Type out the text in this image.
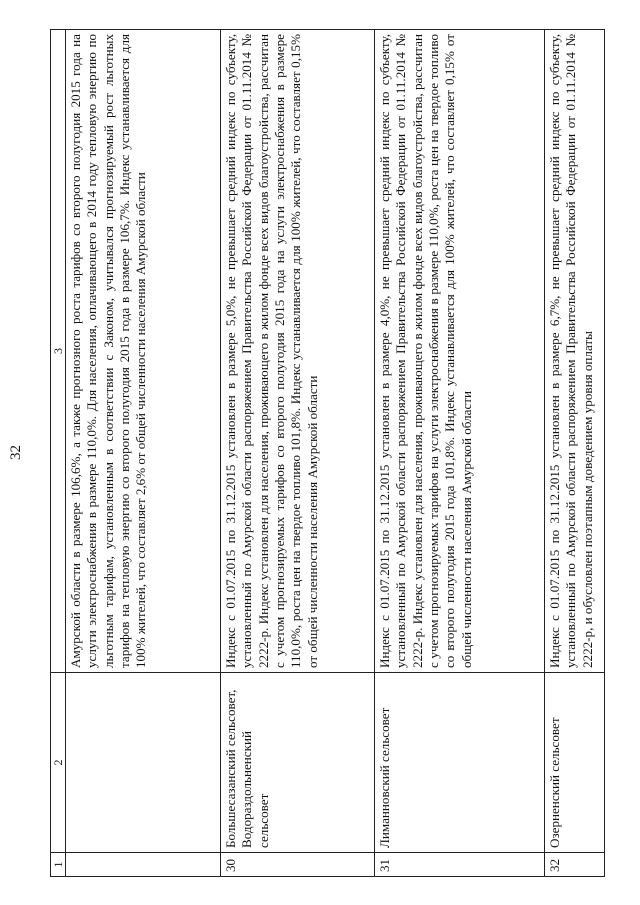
32
1	2	3
		Амурской области в размере 106,6%, а также прогнозного роста тарифов со второго полугодия 2015 года на услуги электроснабжения в размере 110,0%. Для населения, оплачивающего в 2014 году тепловую энергию по льготным тарифам, установленным в соответствии с Законом, учитывался прогнозируемый рост льготных тарифов на тепловую энергию со второго полугодия 2015 года в размере 106,7%. Индекс устанавливается для 100% жителей, что составляет 2,6% от общей численности населения Амурской области
30	Большесазанский сельсовет, Водораздольненский сельсовет	Индекс с 01.07.2015 по 31.12.2015 установлен в размере 5,0%, не превышает средний индекс по субъекту, установленный по Амурской области распоряжением Правительства Российской Федерации от 01.11.2014 № 2222-р. Индекс установлен для населения, проживающего в жилом фонде всех видов благоустройства, рассчитан с учетом прогнозируемых тарифов со второго полугодия 2015 года на услуги электроснабжения в размере 110,0%, роста цен на твердое топливо 101,8%. Индекс устанавливается для 100% жителей, что составляет 0,15% от общей численности населения Амурской области
31	Лиманновский сельсовет	Индекс с 01.07.2015 по 31.12.2015 установлен в размере 4,0%, не превышает средний индекс по субъекту, установленный по Амурской области распоряжением Правительства Российской Федерации от 01.11.2014 № 2222-р. Индекс установлен для населения, проживающего в жилом фонде всех видов благоустройства, рассчитан с учетом прогнозируемых тарифов на услуги электроснабжения в размере 110,0%, роста цен на твердое топливо со второго полугодия 2015 года 101,8%. Индекс устанавливается для 100% жителей, что составляет 0,15% от общей численности населения Амурской области
32	Озерненский сельсовет	Индекс с 01.07.2015 по 31.12.2015 установлен в размере 6,7%, не превышает средний индекс по субъекту, установленный по Амурской области распоряжением Правительства Российской Федерации от 01.11.2014 № 2222-р, и обусловлен поэтапным доведением уровня оплаты
